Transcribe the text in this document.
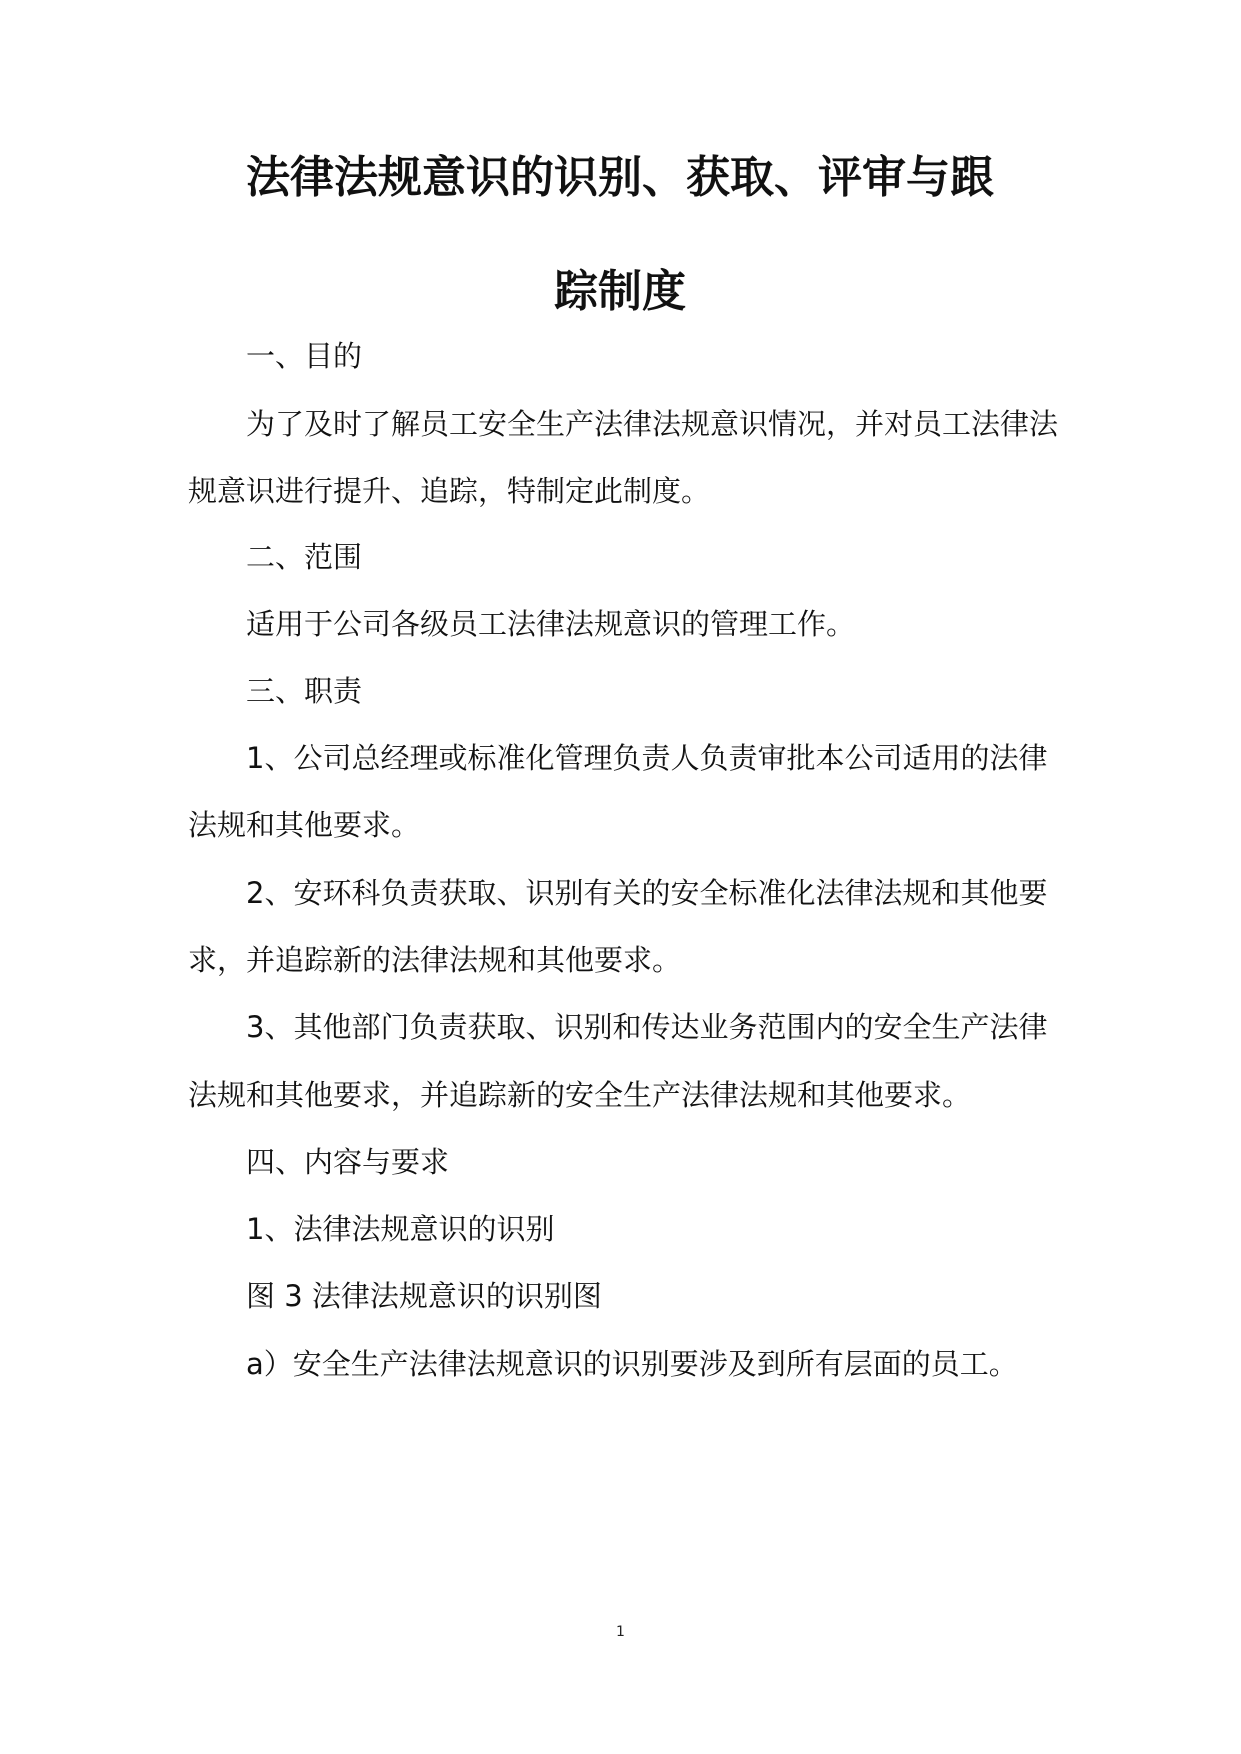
法律法规意识的识别、获取、评审与跟
踪制度

一、目的

为了及时了解员工安全生产法律法规意识情况，并对员工法律法

规意识进行提升、追踪，特制定此制度。

二、范围

适用于公司各级员工法律法规意识的管理工作。

三、职责

1、公司总经理或标准化管理负责人负责审批本公司适用的法律

法规和其他要求。

2、安环科负责获取、识别有关的安全标准化法律法规和其他要

求，并追踪新的法律法规和其他要求。

3、其他部门负责获取、识别和传达业务范围内的安全生产法律

法规和其他要求，并追踪新的安全生产法律法规和其他要求。

四、内容与要求

1、法律法规意识的识别

图 3 法律法规意识的识别图

a）安全生产法律法规意识的识别要涉及到所有层面的员工。

1
